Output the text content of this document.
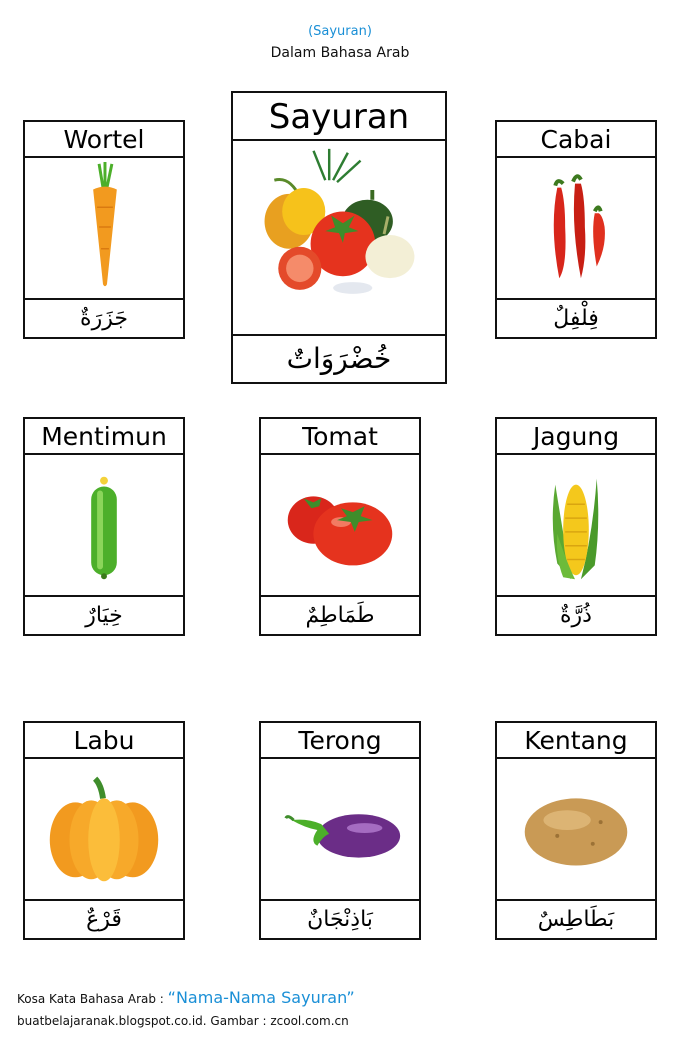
(Sayuran)
Dalam Bahasa Arab
Sayuran
خُضْرَوَاتٌ
Wortel
جَزَرَةٌ
Cabai
فِلْفِلٌ
Mentimun
خِيَارٌ
Tomat
طَمَاطِمٌ
Jagung
ذُرَّةٌ
Labu
قَرْعٌ
Terong
بَاذِنْجَانٌ
Kentang
بَطَاطِسٌ
Kosa Kata Bahasa Arab : “Nama-Nama Sayuran”
buatbelajaranak.blogspot.co.id. Gambar : zcool.com.cn
